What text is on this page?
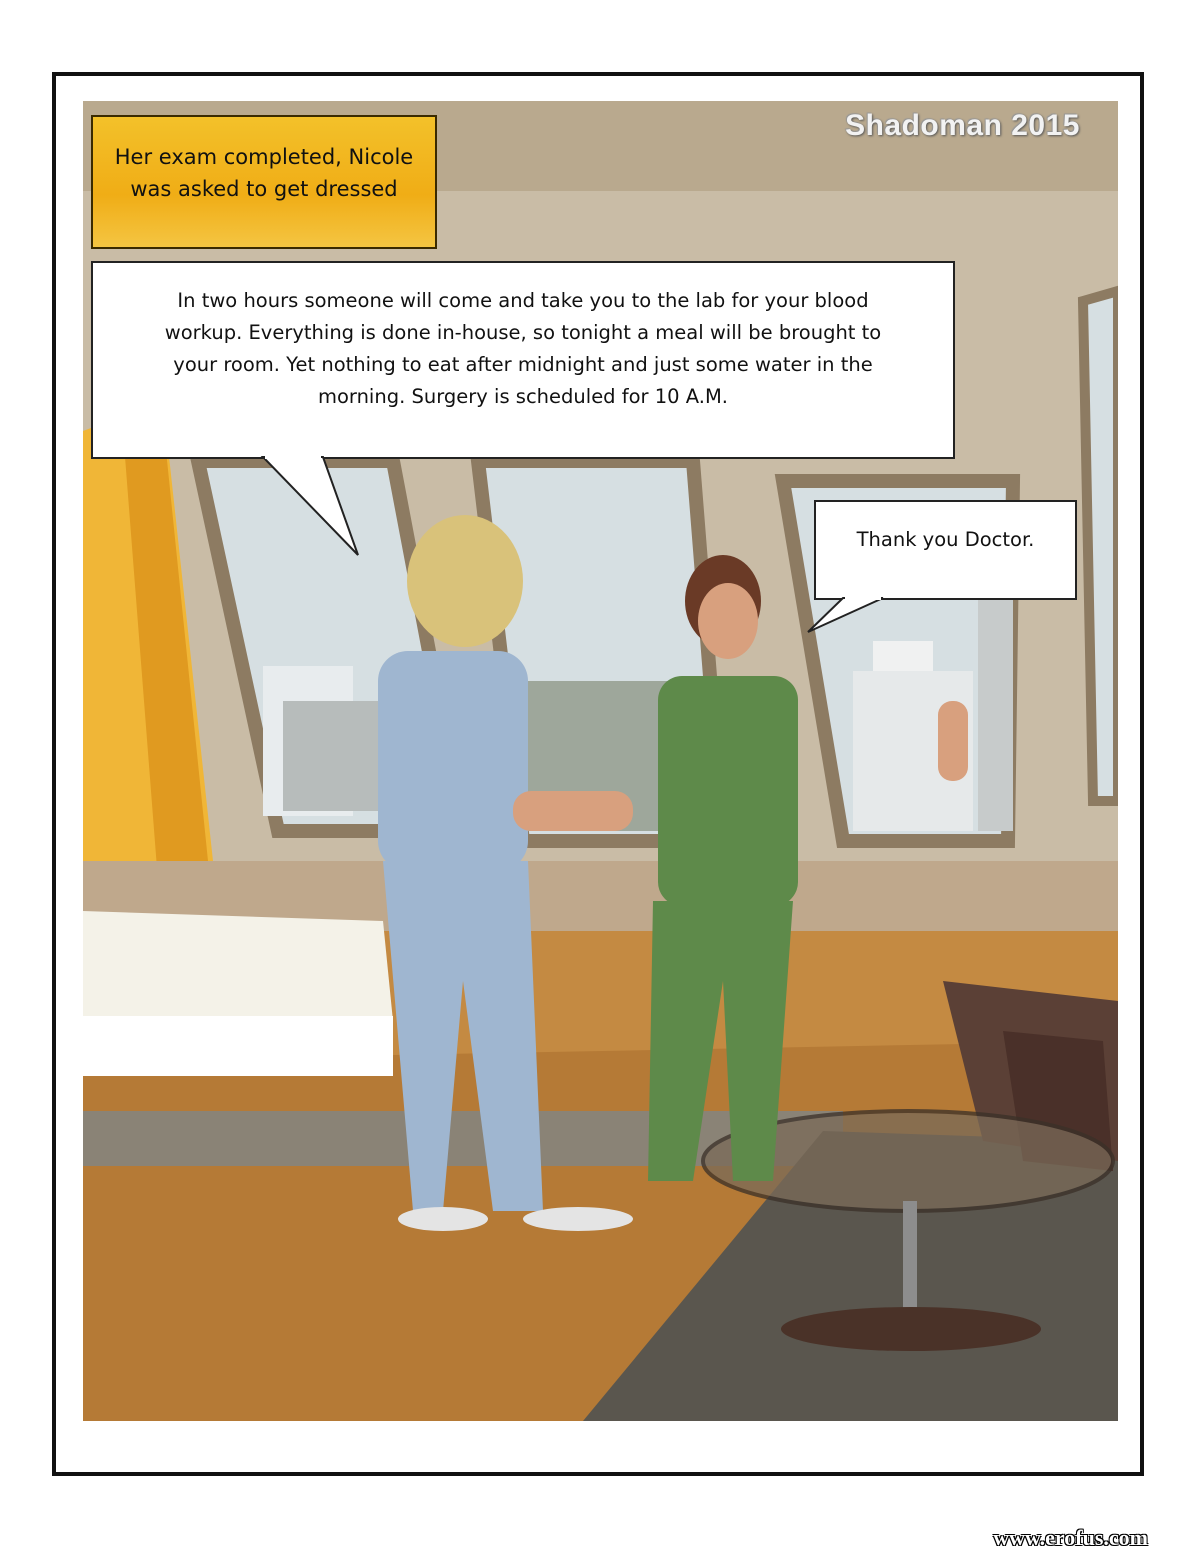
Her exam completed, Nicole
was asked to get dressed
Shadoman 2015
In two hours someone will come and take you to the lab for your blood
workup. Everything is done in-house, so tonight a meal will be brought to
your room. Yet nothing to eat after midnight and just some water in the
morning. Surgery is scheduled for 10 A.M.
Thank you Doctor.
www.erofus.com
